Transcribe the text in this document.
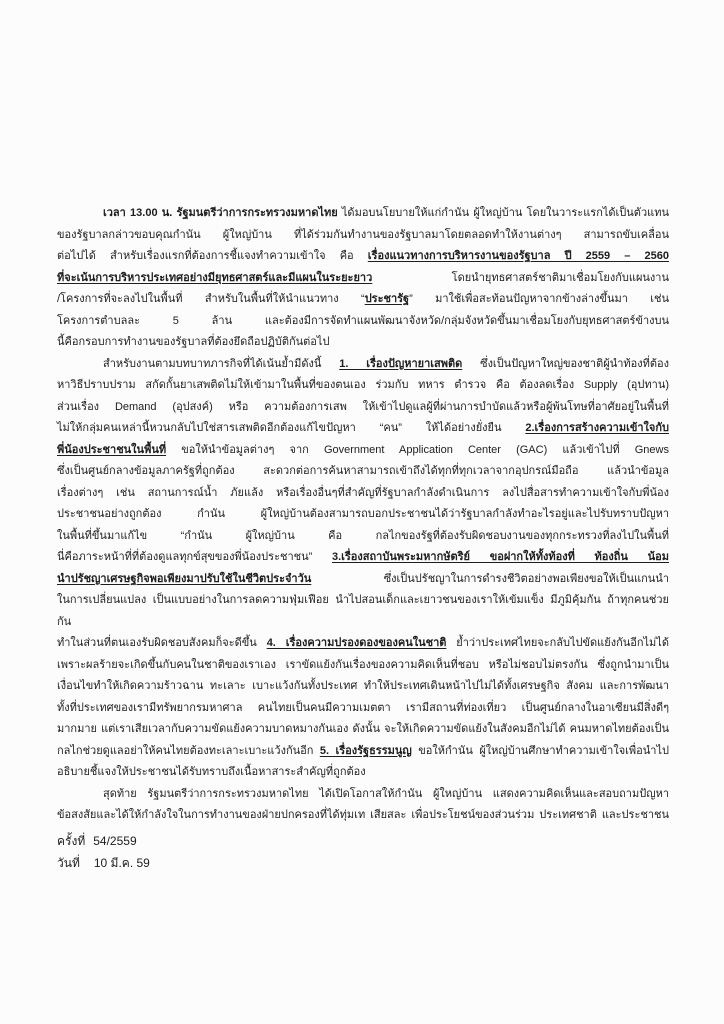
เวลา 13.00 น. รัฐมนตรีว่าการกระทรวงมหาดไทย ได้มอบนโยบายให้แก่กำนัน ผู้ใหญ่บ้าน โดยในวาระแรกได้เป็นตัวแทน
ของรัฐบาลกล่าวขอบคุณกำนัน ผู้ใหญ่บ้าน ที่ได้ร่วมกันทำงานของรัฐบาลมาโดยตลอดทำให้งานต่างๆ สามารถขับเคลื่อน
ต่อไปได้ สำหรับเรื่องแรกที่ต้องการชี้แจงทำความเข้าใจ คือ เรื่องแนวทางการบริหารงานของรัฐบาล ปี 2559 – 2560
ที่จะเน้นการบริหารประเทศอย่างมียุทธศาสตร์และมีแผนในระยะยาว โดยนำยุทธศาสตร์ชาติมาเชื่อมโยงกับแผนงาน
/โครงการที่จะลงไปในพื้นที่ สำหรับในพื้นที่ให้นำแนวทาง “ประชารัฐ” มาใช้เพื่อสะท้อนปัญหาจากข้างล่างขึ้นมา เช่น
โครงการตำบลละ 5 ล้าน และต้องมีการจัดทำแผนพัฒนาจังหวัด/กลุ่มจังหวัดขึ้นมาเชื่อมโยงกับยุทธศาสตร์ข้างบน
นี้คือกรอบการทำงานของรัฐบาลที่ต้องยึดถือปฏิบัติกันต่อไป
สำหรับงานตามบทบาทภารกิจที่ได้เน้นย้ำมีดังนี้ 1. เรื่องปัญหายาเสพติด ซึ่งเป็นปัญหาใหญ่ของชาติผู้นำท้องที่ต้อง
หาวิธีปราบปราม สกัดกั้นยาเสพติดไม่ให้เข้ามาในพื้นที่ของตนเอง ร่วมกับ ทหาร ตำรวจ คือ ต้องลดเรื่อง Supply (อุปทาน)
ส่วนเรื่อง Demand (อุปสงค์) หรือ ความต้องการเสพ ให้เข้าไปดูแลผู้ที่ผ่านการบำบัดแล้วหรือผู้พ้นโทษที่อาศัยอยู่ในพื้นที่
ไม่ให้กลุ่มคนเหล่านี้หวนกลับไปใช่สารเสพติดอีกต้องแก้ไขปัญหา “คน” ให้ได้อย่างยั่งยืน 2.เรื่องการสร้างความเข้าใจกับ
พี่น้องประชาชนในพื้นที่ ขอให้นำข้อมูลต่างๆ จาก Government Application Center (GAC) แล้วเข้าไปที่ Gnews
ซึ่งเป็นศูนย์กลางข้อมูลภาครัฐที่ถูกต้อง สะดวกต่อการค้นหาสามารถเข้าถึงได้ทุกที่ทุกเวลาจากอุปกรณ์มือถือ แล้วนำข้อมูล
เรื่องต่างๆ เช่น สถานการณ์น้ำ ภัยแล้ง หรือเรื่องอื่นๆที่สำคัญที่รัฐบาลกำลังดำเนินการ ลงไปสื่อสารทำความเข้าใจกับพี่น้อง
ประชาชนอย่างถูกต้อง กำนัน ผู้ใหญ่บ้านต้องสามารถบอกประชาชนได้ว่ารัฐบาลกำลังทำอะไรอยู่และไปรับทราบปัญหา
ในพื้นที่ขึ้นมาแก้ไข “กำนัน ผู้ใหญ่บ้าน คือ กลไกของรัฐที่ต้องรับผิดชอบงานของทุกกระทรวงที่ลงไปในพื้นที่
นี่คือภาระหน้าที่ที่ต้องดูแลทุกข์สุขของพี่น้องประชาชน” 3.เรื่องสถาบันพระมหากษัตริย์ ขอฝากให้ทั้งท้องที่ ท้องถิ่น น้อม
นำปรัชญาเศรษฐกิจพอเพียงมาปรับใช้ในชีวิตประจำวัน ซึ่งเป็นปรัชญาในการดำรงชีวิตอย่างพอเพียงขอให้เป็นแกนนำ
ในการเปลี่ยนแปลง เป็นแบบอย่างในการลดความฟุ่มเฟือย นำไปสอนเด็กและเยาวชนของเราให้เข้มแข็ง มีภูมิคุ้มกัน ถ้าทุกคนช่วยกัน
ทำในส่วนที่ตนเองรับผิดชอบสังคมก็จะดีขึ้น 4. เรื่องความปรองดองของคนในชาติ ย้ำว่าประเทศไทยจะกลับไปขัดแย้งกันอีกไม่ได้
เพราะผลร้ายจะเกิดขึ้นกับคนในชาติของเราเอง เราขัดแย้งกันเรื่องของความคิดเห็นที่ชอบ หรือไม่ชอบไม่ตรงกัน ซึ่งถูกนำมาเป็น
เงื่อนไขทำให้เกิดความร้าวฉาน ทะเลาะ เบาะแว้งกันทั้งประเทศ ทำให้ประเทศเดินหน้าไปไม่ได้ทั้งเศรษฐกิจ สังคม และการพัฒนา
ทั้งที่ประเทศของเรามีทรัพยากรมหาศาล คนไทยเป็นคนมีความเมตตา เรามีสถานที่ท่องเที่ยว เป็นศูนย์กลางในอาเซียนมีสิ่งดีๆ
มากมาย แต่เราเสียเวลากับความขัดแย้งความบาดหมางกันเอง ดังนั้น จะให้เกิดความขัดแย้งในสังคมอีกไม่ได้ คนมหาดไทยต้องเป็น
กลไกช่วยดูแลอย่าให้คนไทยต้องทะเลาะเบาะแว้งกันอีก 5. เรื่องรัฐธรรมนูญ ขอให้กำนัน ผู้ใหญ่บ้านศึกษาทำความเข้าใจเพื่อนำไป
อธิบายชี้แจงให้ประชาชนได้รับทราบถึงเนื้อหาสาระสำคัญที่ถูกต้อง
สุดท้าย รัฐมนตรีว่าการกระทรวงมหาดไทย ได้เปิดโอกาสให้กำนัน ผู้ใหญ่บ้าน แสดงความคิดเห็นและสอบถามปัญหา
ข้อสงสัยและได้ให้กำลังใจในการทำงานของฝ่ายปกครองที่ได้ทุ่มเท เสียสละ เพื่อประโยชน์ของส่วนร่วม ประเทศชาติ และประชาชน
ครั้งที่ 54/2559
วันที่ 10 มี.ค. 59
